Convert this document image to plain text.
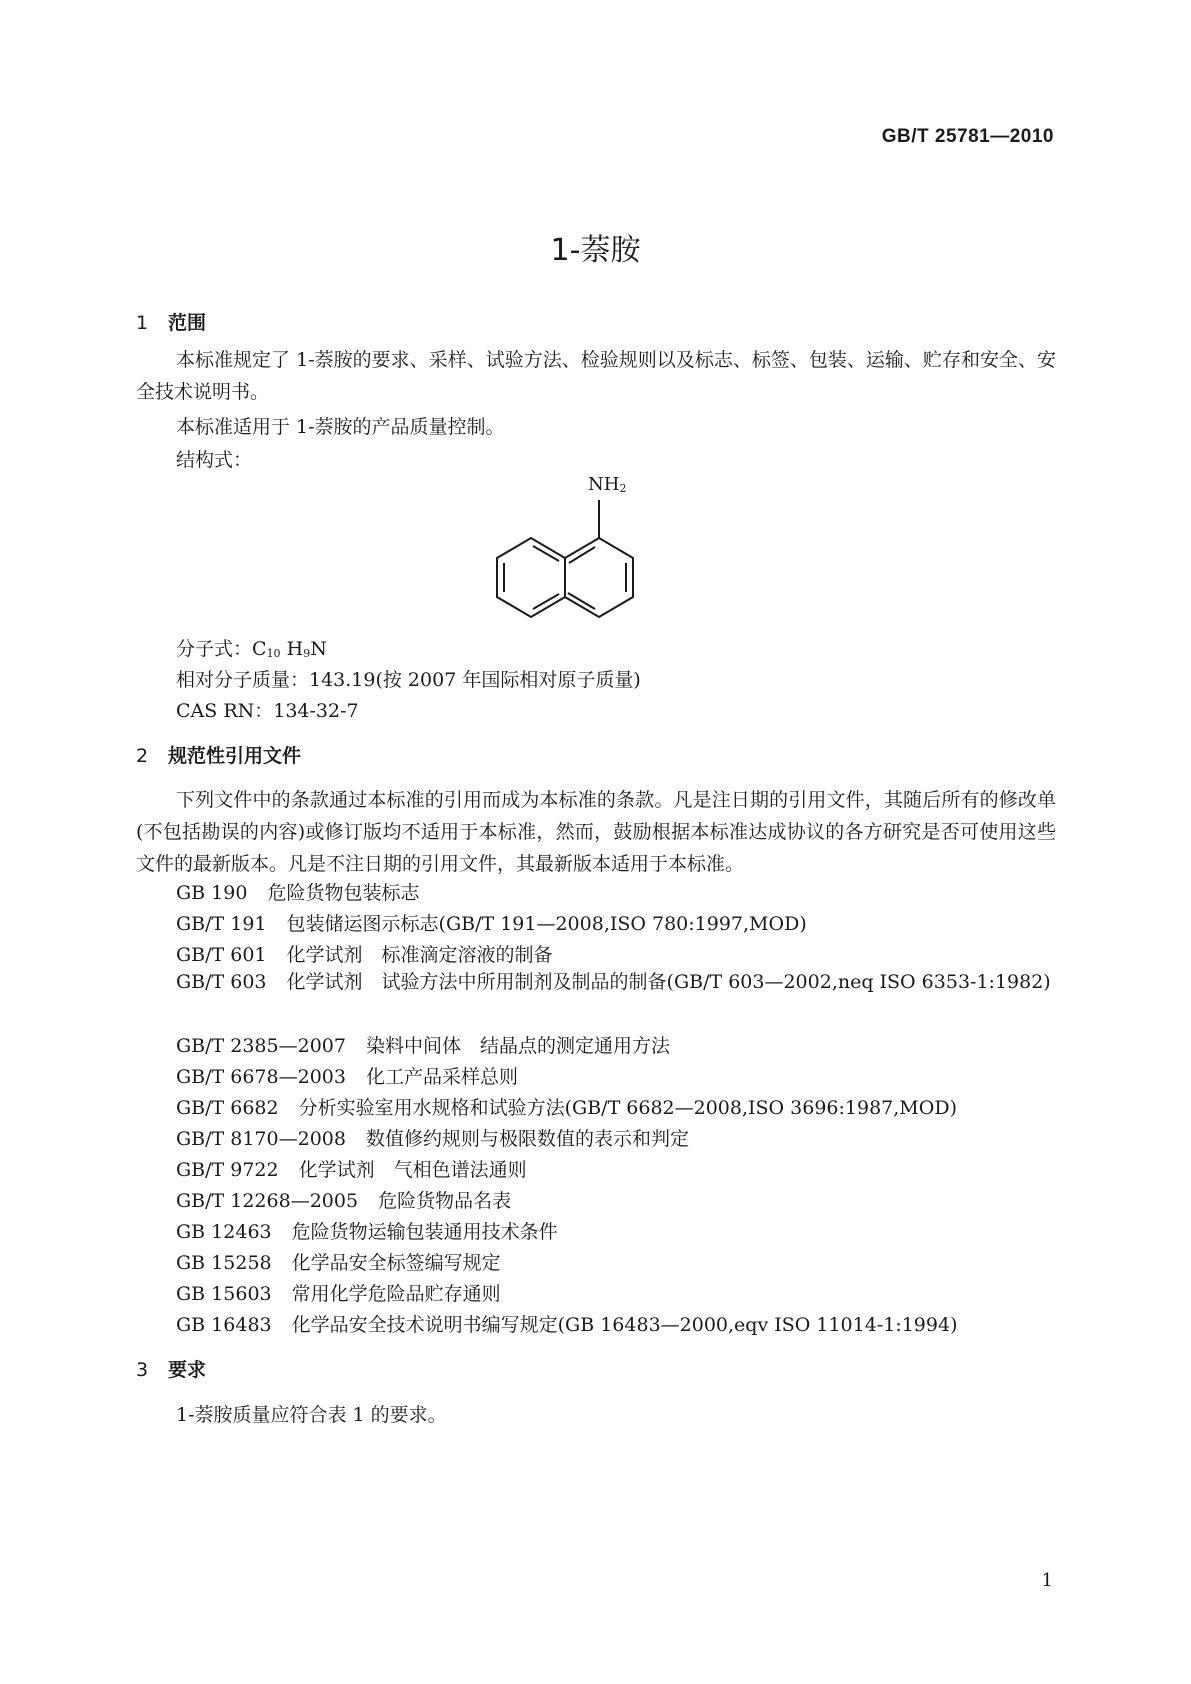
GB/T 25781—2010
1-萘胺
1 范围
本标准规定了 1-萘胺的要求、采样、试验方法、检验规则以及标志、标签、包装、运输、贮存和安全、安全技术说明书。
本标准适用于 1-萘胺的产品质量控制。
结构式：
$NH_2$
分子式：$C_{10}$ $H_9N$
相对分子质量：143.19(按 2007 年国际相对原子质量)
CAS RN：134-32-7
2 规范性引用文件
下列文件中的条款通过本标准的引用而成为本标准的条款。凡是注日期的引用文件，其随后所有的修改单(不包括勘误的内容)或修订版均不适用于本标准，然而，鼓励根据本标准达成协议的各方研究是否可使用这些文件的最新版本。凡是不注日期的引用文件，其最新版本适用于本标准。
GB 190 危险货物包装标志
GB/T 191 包装储运图示标志(GB/T 191—2008,ISO 780:1997,MOD)
GB/T 601 化学试剂　标准滴定溶液的制备
GB/T 603 化学试剂　试验方法中所用制剂及制品的制备(GB/T 603—2002,neq ISO 6353-1:1982)
GB/T 2385—2007 染料中间体　结晶点的测定通用方法
GB/T 6678—2003 化工产品采样总则
GB/T 6682 分析实验室用水规格和试验方法(GB/T 6682—2008,ISO 3696:1987,MOD)
GB/T 8170—2008 数值修约规则与极限数值的表示和判定
GB/T 9722 化学试剂　气相色谱法通则
GB/T 12268—2005 危险货物品名表
GB 12463 危险货物运输包装通用技术条件
GB 15258 化学品安全标签编写规定
GB 15603 常用化学危险品贮存通则
GB 16483 化学品安全技术说明书编写规定(GB 16483—2000,eqv ISO 11014-1:1994)
3 要求
1-萘胺质量应符合表 1 的要求。
1
